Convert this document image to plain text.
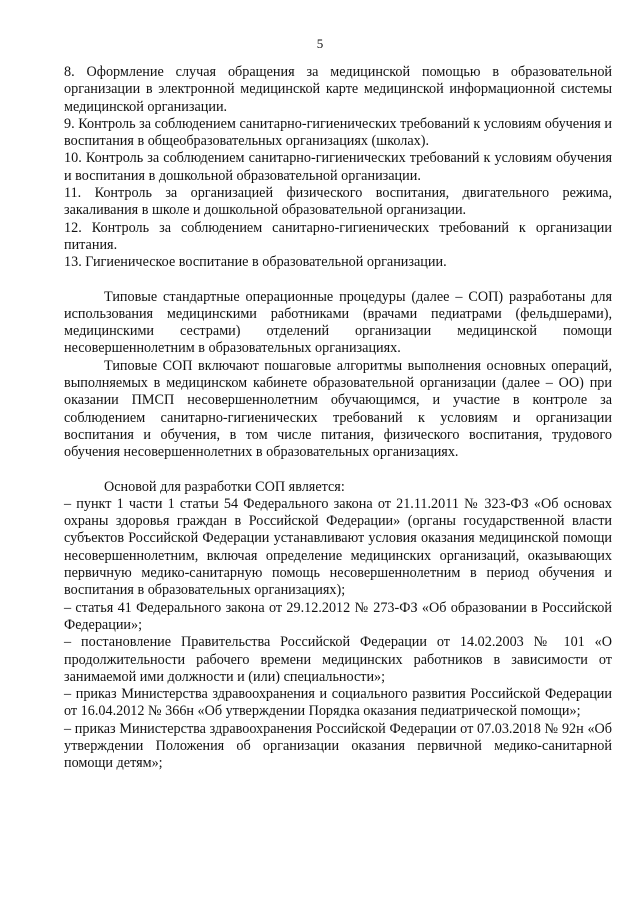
5

8. Оформление случая обращения за медицинской помощью в образовательной организации в электронной медицинской карте медицинской информационной системы медицинской организации.

9. Контроль за соблюдением санитарно-гигиенических требований к условиям обучения и воспитания в общеобразовательных организациях (школах).

10. Контроль за соблюдением санитарно-гигиенических требований к условиям обучения и воспитания в дошкольной образовательной организации.

11. Контроль за организацией физического воспитания, двигательного режима, закаливания в школе и дошкольной образовательной организации.

12. Контроль за соблюдением санитарно-гигиенических требований к организации питания.

13. Гигиеническое воспитание в образовательной организации.

Типовые стандартные операционные процедуры (далее – СОП) разработаны для использования медицинскими работниками (врачами педиатрами (фельдшерами), медицинскими сестрами) отделений организации медицинской помощи несовершеннолетним в образовательных организациях.

Типовые СОП включают пошаговые алгоритмы выполнения основных операций, выполняемых в медицинском кабинете образовательной организации (далее – ОО) при оказании ПМСП несовершеннолетним обучающимся, и участие в контроле за соблюдением санитарно-гигиенических требований к условиям и организации воспитания и обучения, в том числе питания, физического воспитания, трудового обучения несовершеннолетних в образовательных организациях.

Основой для разработки СОП является:

– пункт 1 части 1 статьи 54 Федерального закона от 21.11.2011 № 323-ФЗ «Об основах охраны здоровья граждан в Российской Федерации» (органы государственной власти субъектов Российской Федерации устанавливают условия оказания медицинской помощи несовершеннолетним, включая определение медицинских организаций, оказывающих первичную медико-санитарную помощь несовершеннолетним в период обучения и воспитания в образовательных организациях);

– статья 41 Федерального закона от 29.12.2012 № 273-ФЗ «Об образовании в Российской Федерации»;

– постановление Правительства Российской Федерации от 14.02.2003 № 101 «О продолжительности рабочего времени медицинских работников в зависимости от занимаемой ими должности и (или) специальности»;

– приказ Министерства здравоохранения и социального развития Российской Федерации от 16.04.2012 № 366н «Об утверждении Порядка оказания педиатрической помощи»;

– приказ Министерства здравоохранения Российской Федерации от 07.03.2018 № 92н «Об утверждении Положения об организации оказания первичной медико-санитарной помощи детям»;
